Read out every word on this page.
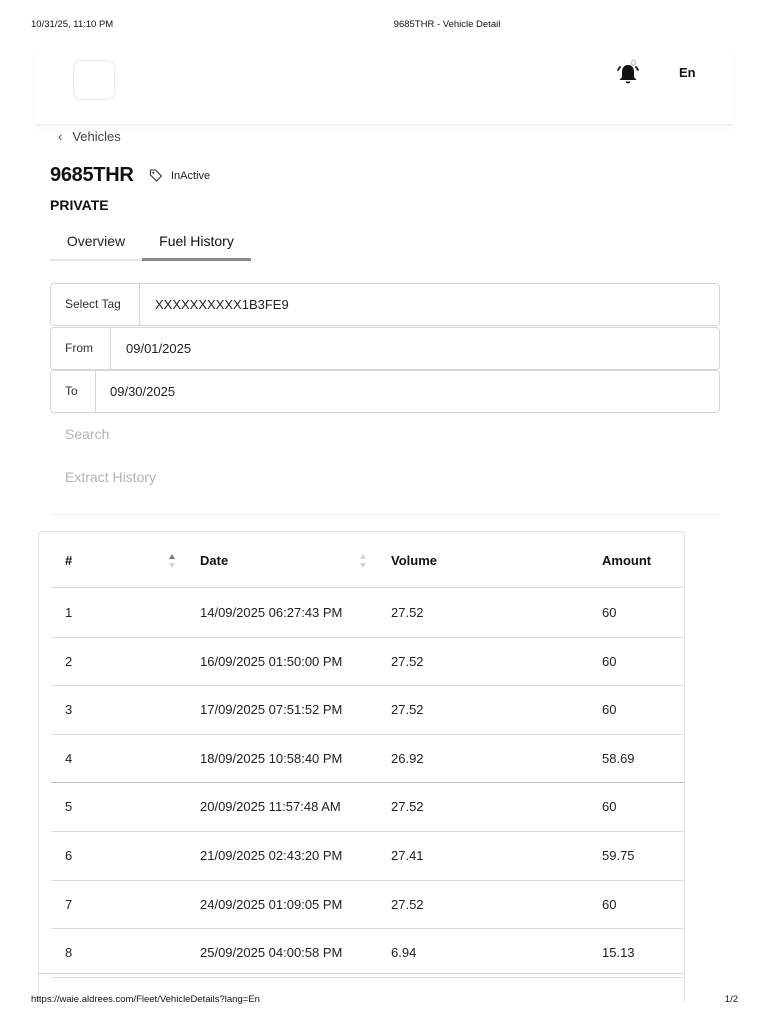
10/31/25, 11:10 PM	9685THR - Vehicle Detail
0
En
‹ Vehicles
9685THR	InActive
PRIVATE
Overview	Fuel History
Select Tag	XXXXXXXXXX1B3FE9
From	09/01/2025
To	09/30/2025
Search
Extract History
#	Date	Volume	Amount
1	14/09/2025 06:27:43 PM	27.52	60
2	16/09/2025 01:50:00 PM	27.52	60
3	17/09/2025 07:51:52 PM	27.52	60
4	18/09/2025 10:58:40 PM	26.92	58.69
5	20/09/2025 11:57:48 AM	27.52	60
6	21/09/2025 02:43:20 PM	27.41	59.75
7	24/09/2025 01:09:05 PM	27.52	60
8	25/09/2025 04:00:58 PM	6.94	15.13
https://waie.aldrees.com/Fleet/VehicleDetails?lang=En	1/2
